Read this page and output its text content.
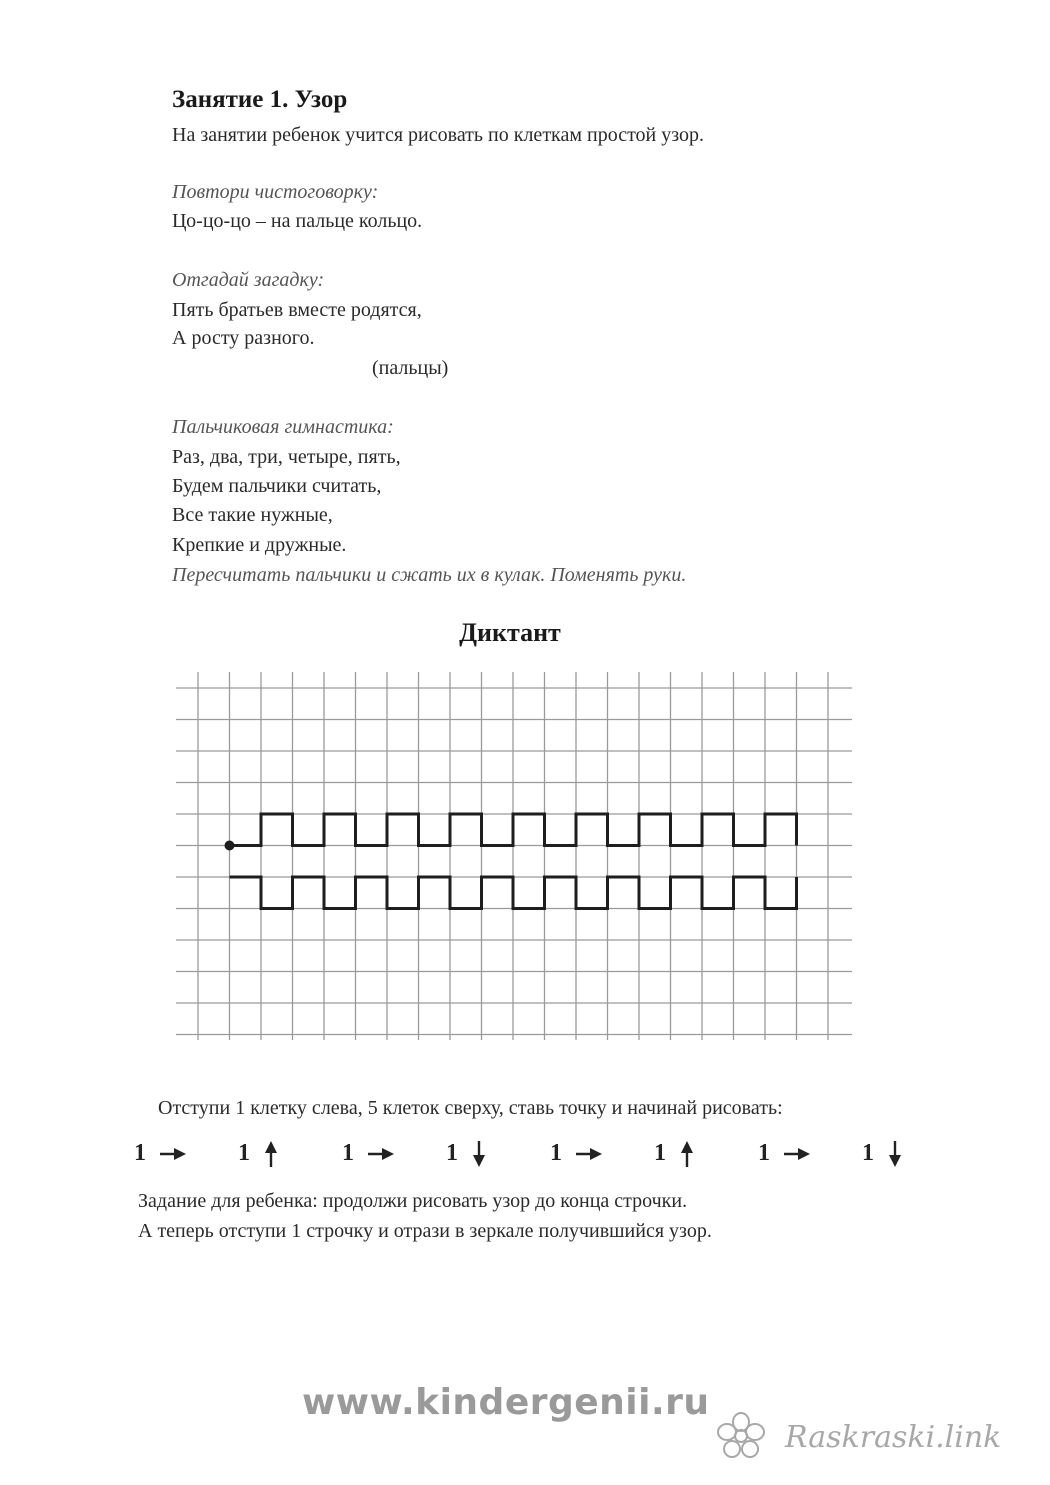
Занятие 1. Узор
На занятии ребенок учится рисовать по клеткам простой узор.
Повтори чистоговорку:
Цо-цо-цо – на пальце кольцо.
Отгадай загадку:
Пять братьев вместе родятся,
А росту разного.
(пальцы)
Пальчиковая гимнастика:
Раз, два, три, четыре, пять,
Будем пальчики считать,
Все такие нужные,
Крепкие и дружные.
Пересчитать пальчики и сжать их в кулак. Поменять руки.
Диктант
Отступи 1 клетку слева, 5 клеток сверху, ставь точку и начинай рисовать:
1	1	1	1	1	1	1	1
Задание для ребенка: продолжи рисовать узор до конца строчки.
А теперь отступи 1 строчку и отрази в зеркале получившийся узор.
www.kindergenii.ru
Raskraski.link
